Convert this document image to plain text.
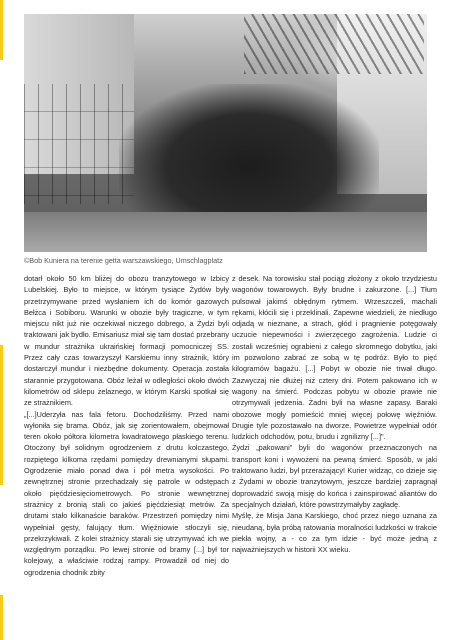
©Bob Kuniera na terenie getta warszawskiego, Umschlagplatz

dotarł około 50 km bliżej do obozu tranzytowego w Izbicy Lubelskiej. Było to miejsce, w którym tysiące Żydów były przetrzymywane przed wysłaniem ich do komór gazowych Bełżca i Sobiboru. Warunki w obozie były tragiczne, w tym miejscu nikt już nie oczekiwał niczego dobrego, a Żydzi byli traktowani jak bydło. Emisariusz miał się tam dostać przebrany w mundur strażnika ukraińskiej formacji pomocniczej SS. Przez cały czas towarzyszył Karskiemu inny strażnik, który dostarczył mundur i niezbędne dokumenty. Operacja została starannie przygotowana. Obóz leżał w odległości około dwóch kilometrów od sklepu żelaznego, w którym Karski spotkał się ze strażnikiem.

„[...]Uderzyła nas fala fetoru. Dochodziliśmy. Przed nami wyłoniła się brama. Obóz, jak się zorientowałem, obejmował teren około półtora kilometra kwadratowego płaskiego terenu. Otoczony był solidnym ogrodzeniem z drutu kolczastego, rozpiętego kilkoma rzędami pomiędzy drewnianymi słupami. Ogrodzenie miało ponad dwa i pół metra wysokości. Po zewnętrznej stronie przechadzały się patrole w odstępach około pięćdziesięciometrowych. Po stronie wewnętrznej strażnicy z bronią stali co jakieś pięćdziesiąt metrów. Za drutami stało kilkanaście baraków. Przestrzeń pomiędzy nimi wypełniał gęsty, falujący tłum. Więźniowie stłoczyli się, przekrzykiwali. Z kolei strażnicy starali się utrzymywać ich we względnym porządku. Po lewej stronie od bramy [...] był tor kolejowy, a właściwie rodzaj rampy. Prowadził od niej do ogrodzenia chodnik zbity

z desek. Na torowisku stał pociąg złożony z około trzydziestu wagonów towarowych. Były brudne i zakurzone. [...] Tłum pulsował jakimś obłędnym rytmem. Wrzeszczeli, machali rękami, kłócili się i przeklinali. Zapewne wiedzieli, że niedługo odjadą w nieznane, a strach, głód i pragnienie potęgowały uczucie niepewności i zwierzęcego zagrożenia. Ludzie ci zostali wcześniej ograbieni z całego skromnego dobytku, jaki im pozwolono zabrać ze sobą w tę podróż. Było to pięć kilogramów bagażu. [...] Pobyt w obozie nie trwał długo. Zazwyczaj nie dłużej niż cztery dni. Potem pakowano ich w wagony na śmierć. Podczas pobytu w obozie prawie nie otrzymywali jedzenia. Żadni byli na własne zapasy. Baraki obozowe mogły pomieścić mniej więcej połowę więźniów. Drugie tyle pozostawało na dworze. Powietrze wypełniał odór ludzkich odchodów, potu, brudu i zgnilizny [...]".

Żydzi „pakowani” byli do wagonów przeznaczonych na transport koni i wywożeni na pewną śmierć. Sposób, w jaki traktowano ludzi, był przerażający! Kurier widząc, co dzieje się z Żydami w obozie tranzytowym, jeszcze bardziej zapragnął doprowadzić swoją misję do końca i zainspirować aliantów do specjalnych działań, które powstrzymałyby zagładę.

Myślę, że Misja Jana Karskiego, choć przez niego uznana za nieudaną, była próbą ratowania moralności ludzkości w trakcie piekła wojny, a - co za tym idzie - być może jedną z najważniejszych w historii XX wieku.
